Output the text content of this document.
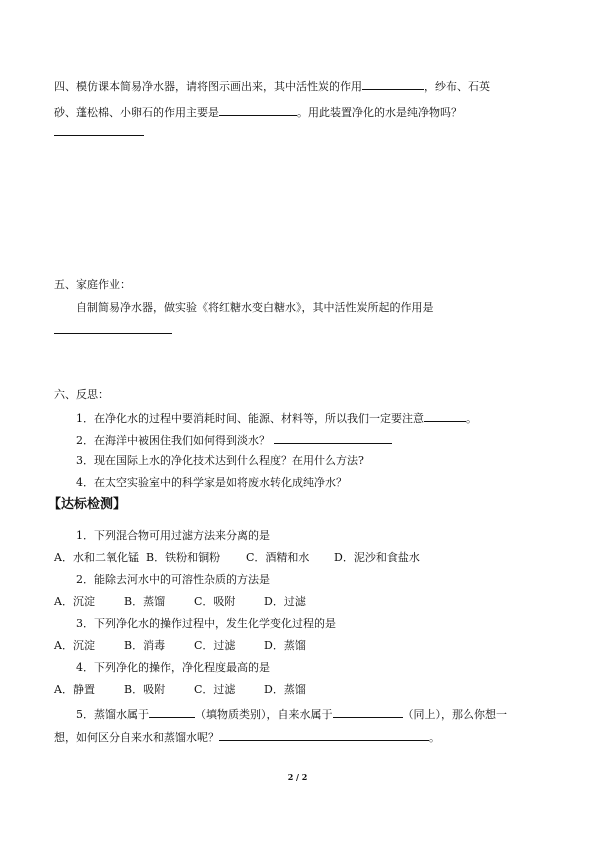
四、模仿课本简易净水器，请将图示画出来，其中活性炭的作用	，纱布、石英
砂、蓬松棉、小卵石的作用主要是	。用此装置净化的水是纯净物吗？
五、家庭作业：
自制简易净水器，做实验《将红糖水变白糖水》，其中活性炭所起的作用是
六、反思：
1．在净化水的过程中要消耗时间、能源、材料等，所以我们一定要注意	。
2．在海洋中被困住我们如何得到淡水？
3．现在国际上水的净化技术达到什么程度？在用什么方法?
4．在太空实验室中的科学家是如将废水转化成纯净水？
【达标检测】
1．下列混合物可用过滤方法来分离的是
A．水和二氧化锰 B．铁粉和铜粉 C．酒精和水 D．泥沙和食盐水
2．能除去河水中的可溶性杂质的方法是
A．沉淀	B．蒸馏	C．吸附	D．过滤
3．下列净化水的操作过程中，发生化学变化过程的是
A．沉淀	B．消毒	C．过滤	D．蒸馏
4．下列净化的操作，净化程度最高的是
A．静置	B．吸附	C．过滤	D．蒸馏
5．蒸馏水属于	（填物质类别），自来水属于	（同上），那么你想一
想，如何区分自来水和蒸馏水呢？	。
2 / 2
